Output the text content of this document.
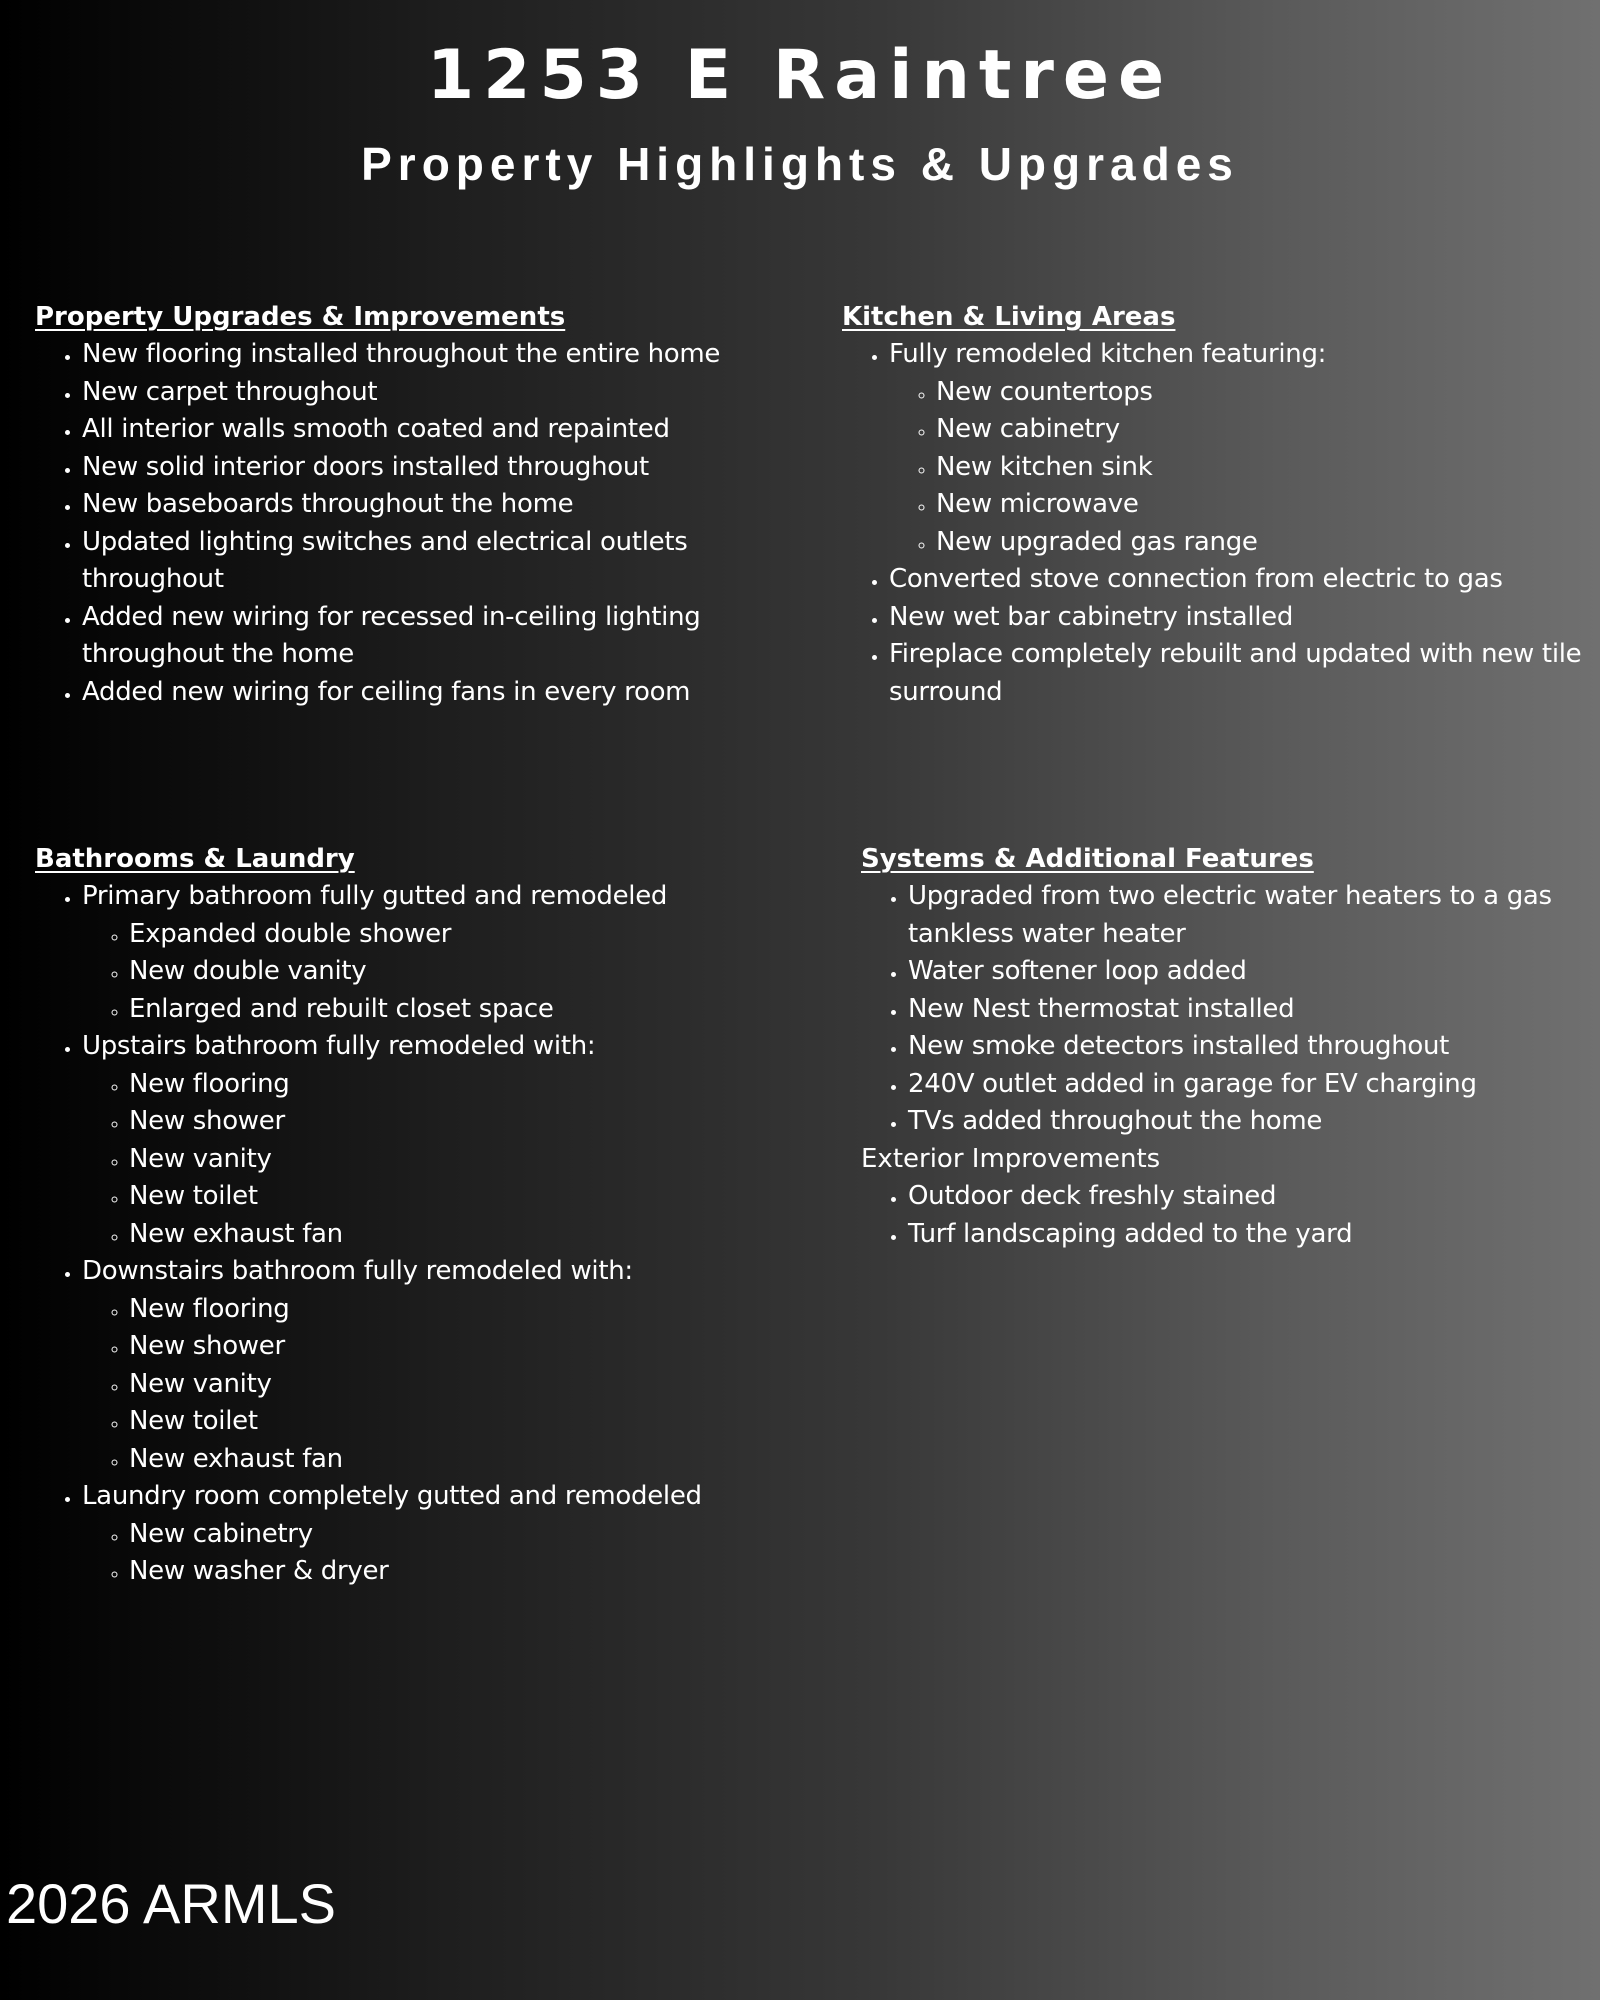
1253 E Raintree
Property Highlights & Upgrades
Property Upgrades & Improvements
• New flooring installed throughout the entire home
• New carpet throughout
• All interior walls smooth coated and repainted
• New solid interior doors installed throughout
• New baseboards throughout the home
• Updated lighting switches and electrical outlets throughout
• Added new wiring for recessed in-ceiling lighting throughout the home
• Added new wiring for ceiling fans in every room
Kitchen & Living Areas
• Fully remodeled kitchen featuring:
◦ New countertops
◦ New cabinetry
◦ New kitchen sink
◦ New microwave
◦ New upgraded gas range
• Converted stove connection from electric to gas
• New wet bar cabinetry installed
• Fireplace completely rebuilt and updated with new tile surround
Bathrooms & Laundry
• Primary bathroom fully gutted and remodeled
◦ Expanded double shower
◦ New double vanity
◦ Enlarged and rebuilt closet space
• Upstairs bathroom fully remodeled with:
◦ New flooring
◦ New shower
◦ New vanity
◦ New toilet
◦ New exhaust fan
• Downstairs bathroom fully remodeled with:
◦ New flooring
◦ New shower
◦ New vanity
◦ New toilet
◦ New exhaust fan
• Laundry room completely gutted and remodeled
◦ New cabinetry
◦ New washer & dryer
Systems & Additional Features
• Upgraded from two electric water heaters to a gas tankless water heater
• Water softener loop added
• New Nest thermostat installed
• New smoke detectors installed throughout
• 240V outlet added in garage for EV charging
• TVs added throughout the home
Exterior Improvements
• Outdoor deck freshly stained
• Turf landscaping added to the yard
2026 ARMLS
